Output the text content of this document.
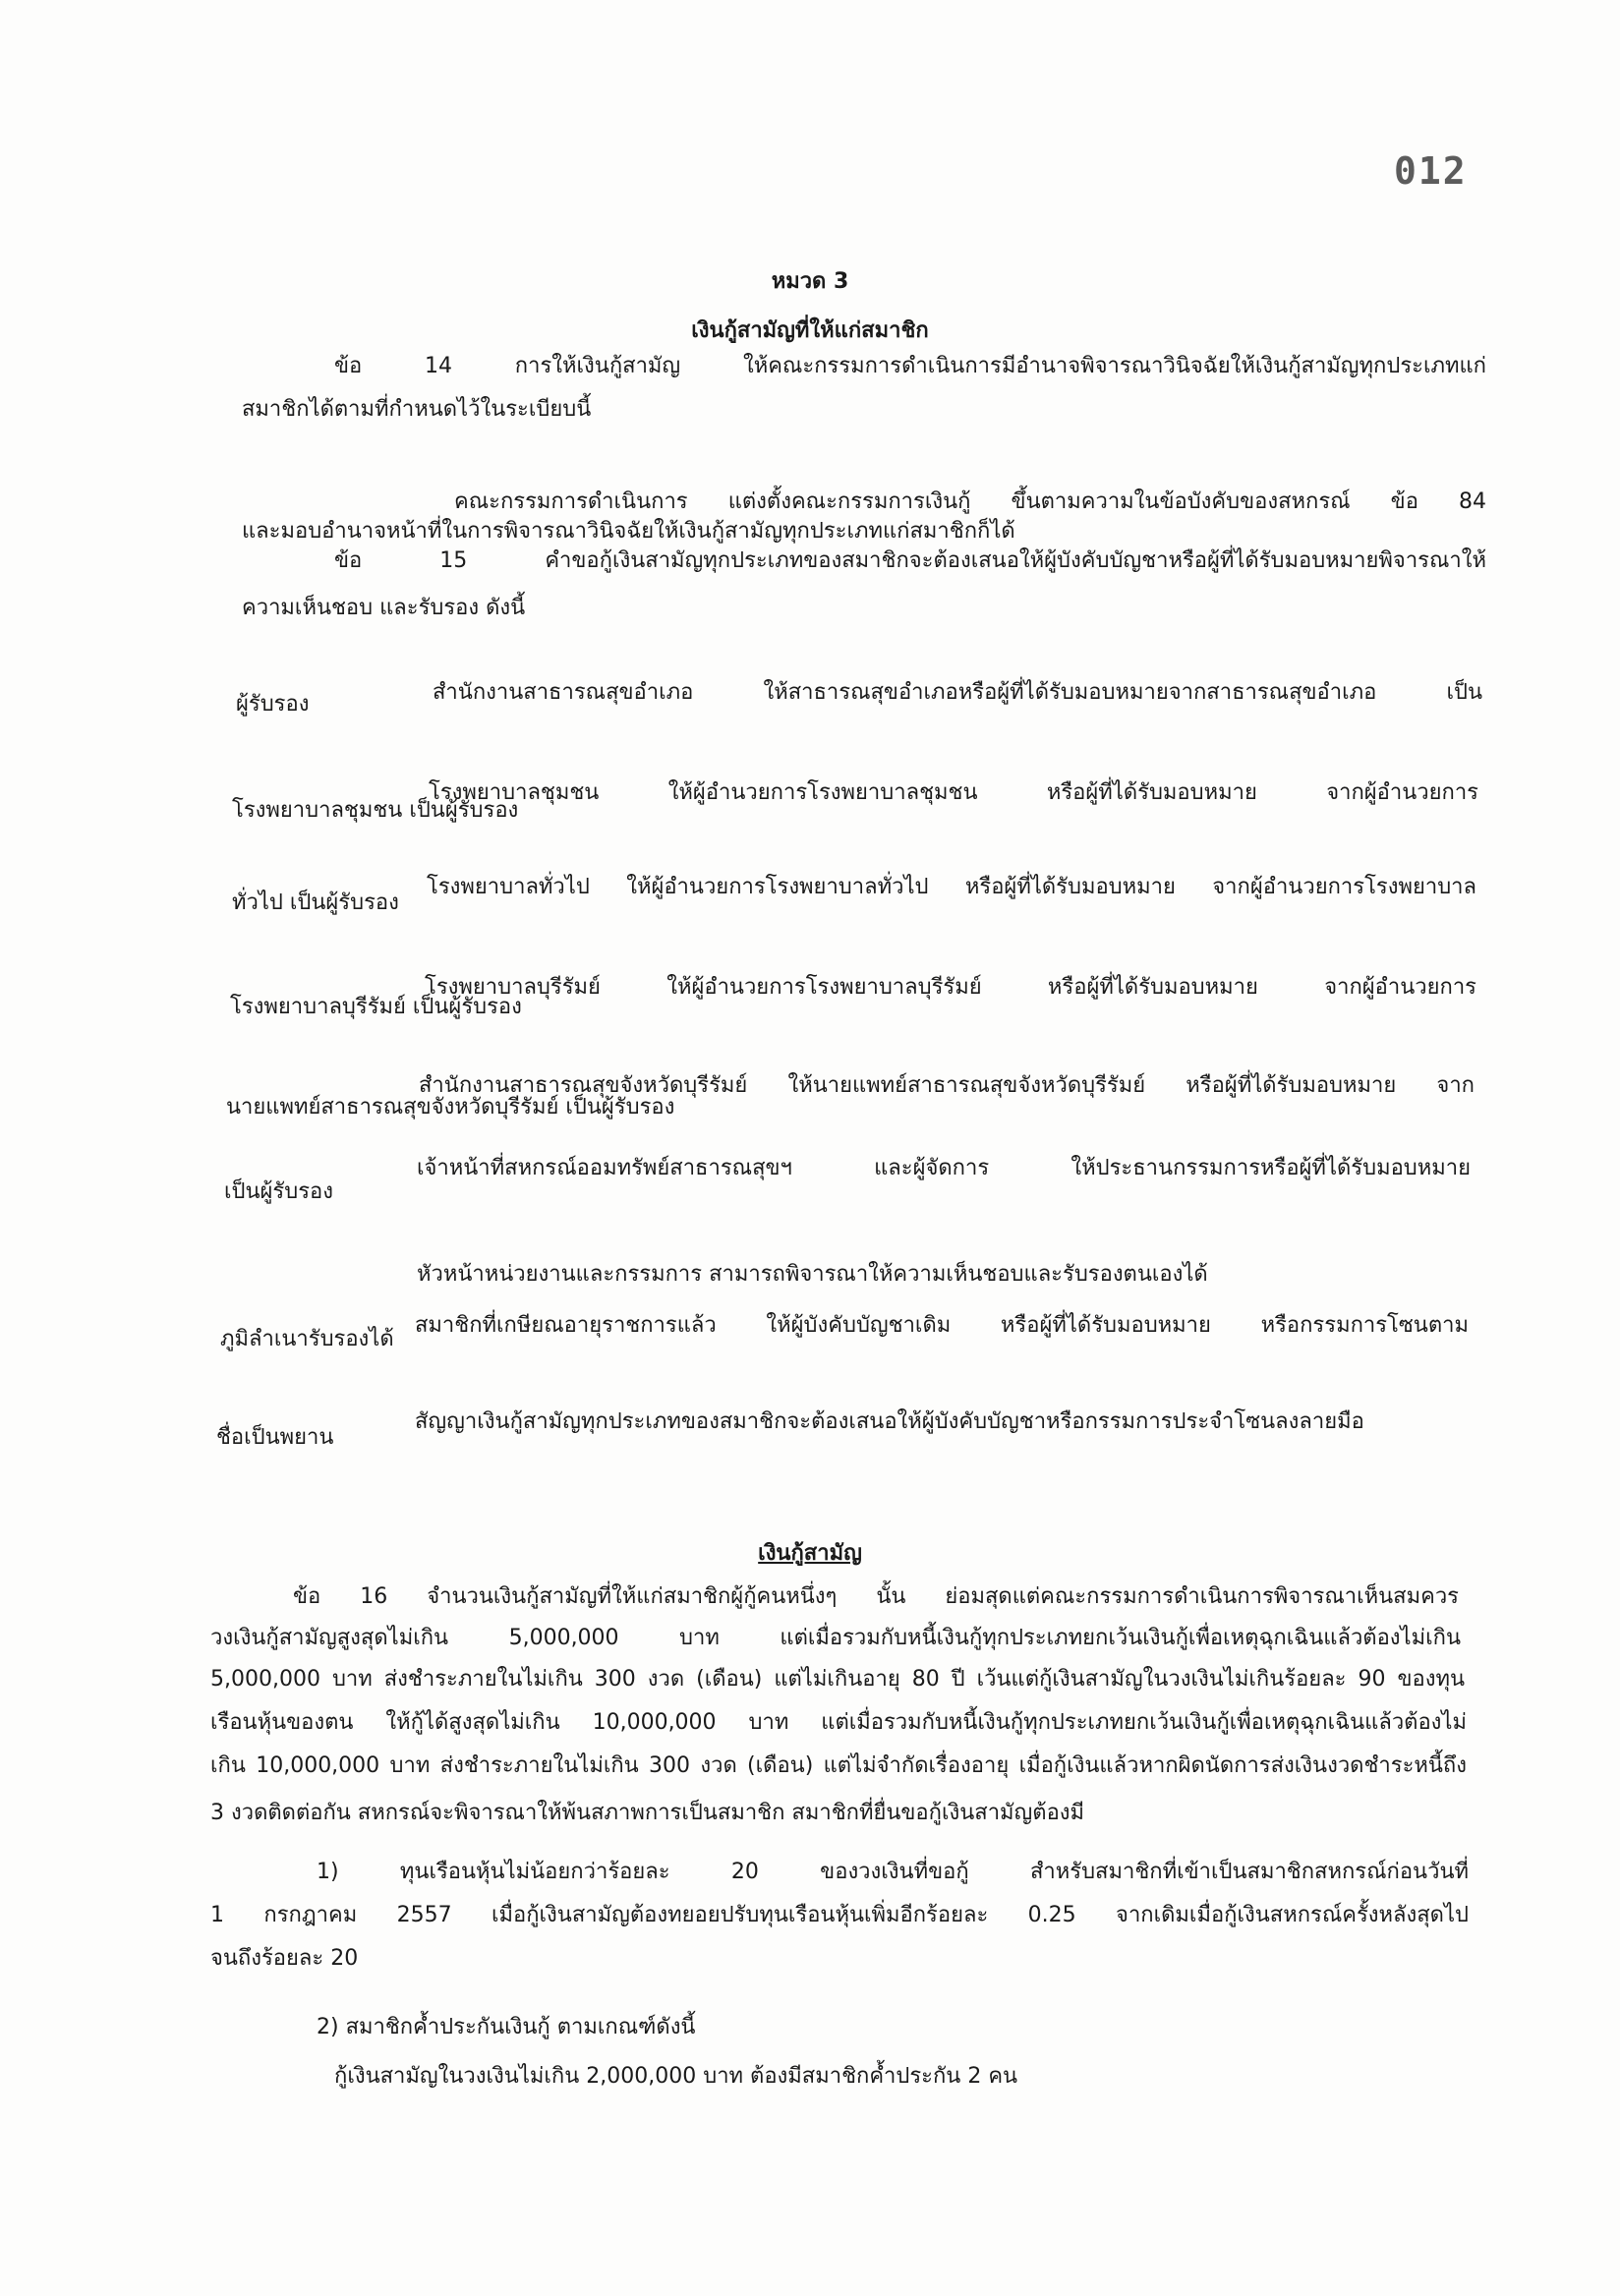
012
หมวด 3
เงินกู้สามัญที่ให้แก่สมาชิก
ข้อ 14 การให้เงินกู้สามัญ ให้คณะกรรมการดำเนินการมีอำนาจพิจารณาวินิจฉัยให้เงินกู้สามัญทุกประเภทแก่
สมาชิกได้ตามที่กำหนดไว้ในระเบียบนี้
คณะกรรมการดำเนินการ แต่งตั้งคณะกรรมการเงินกู้ ขึ้นตามความในข้อบังคับของสหกรณ์ ข้อ 84
และมอบอำนาจหน้าที่ในการพิจารณาวินิจฉัยให้เงินกู้สามัญทุกประเภทแก่สมาชิกก็ได้
ข้อ 15 คำขอกู้เงินสามัญทุกประเภทของสมาชิกจะต้องเสนอให้ผู้บังคับบัญชาหรือผู้ที่ได้รับมอบหมายพิจารณาให้
ความเห็นชอบ และรับรอง ดังนี้
สำนักงานสาธารณสุขอำเภอ ให้สาธารณสุขอำเภอหรือผู้ที่ได้รับมอบหมายจากสาธารณสุขอำเภอ เป็น
ผู้รับรอง
โรงพยาบาลชุมชน ให้ผู้อำนวยการโรงพยาบาลชุมชน หรือผู้ที่ได้รับมอบหมาย จากผู้อำนวยการ
โรงพยาบาลชุมชน เป็นผู้รับรอง
โรงพยาบาลทั่วไป ให้ผู้อำนวยการโรงพยาบาลทั่วไป หรือผู้ที่ได้รับมอบหมาย จากผู้อำนวยการโรงพยาบาล
ทั่วไป เป็นผู้รับรอง
โรงพยาบาลบุรีรัมย์ ให้ผู้อำนวยการโรงพยาบาลบุรีรัมย์ หรือผู้ที่ได้รับมอบหมาย จากผู้อำนวยการ
โรงพยาบาลบุรีรัมย์ เป็นผู้รับรอง
สำนักงานสาธารณสุขจังหวัดบุรีรัมย์ ให้นายแพทย์สาธารณสุขจังหวัดบุรีรัมย์ หรือผู้ที่ได้รับมอบหมาย จาก
นายแพทย์สาธารณสุขจังหวัดบุรีรัมย์ เป็นผู้รับรอง
เจ้าหน้าที่สหกรณ์ออมทรัพย์สาธารณสุขฯ และผู้จัดการ ให้ประธานกรรมการหรือผู้ที่ได้รับมอบหมาย
เป็นผู้รับรอง
หัวหน้าหน่วยงานและกรรมการ สามารถพิจารณาให้ความเห็นชอบและรับรองตนเองได้
สมาชิกที่เกษียณอายุราชการแล้ว ให้ผู้บังคับบัญชาเดิม หรือผู้ที่ได้รับมอบหมาย หรือกรรมการโซนตาม
ภูมิลำเนารับรองได้
สัญญาเงินกู้สามัญทุกประเภทของสมาชิกจะต้องเสนอให้ผู้บังคับบัญชาหรือกรรมการประจำโซนลงลายมือ
ชื่อเป็นพยาน
เงินกู้สามัญ
ข้อ 16 จำนวนเงินกู้สามัญที่ให้แก่สมาชิกผู้กู้คนหนึ่งๆ นั้น ย่อมสุดแต่คณะกรรมการดำเนินการพิจารณาเห็นสมควร
วงเงินกู้สามัญสูงสุดไม่เกิน 5,000,000 บาท แต่เมื่อรวมกับหนี้เงินกู้ทุกประเภทยกเว้นเงินกู้เพื่อเหตุฉุกเฉินแล้วต้องไม่เกิน
5,000,000 บาท ส่งชำระภายในไม่เกิน 300 งวด (เดือน) แต่ไม่เกินอายุ 80 ปี เว้นแต่กู้เงินสามัญในวงเงินไม่เกินร้อยละ 90 ของทุน
เรือนหุ้นของตน ให้กู้ได้สูงสุดไม่เกิน 10,000,000 บาท แต่เมื่อรวมกับหนี้เงินกู้ทุกประเภทยกเว้นเงินกู้เพื่อเหตุฉุกเฉินแล้วต้องไม่
เกิน 10,000,000 บาท ส่งชำระภายในไม่เกิน 300 งวด (เดือน) แต่ไม่จำกัดเรื่องอายุ เมื่อกู้เงินแล้วหากผิดนัดการส่งเงินงวดชำระหนี้ถึง
3 งวดติดต่อกัน สหกรณ์จะพิจารณาให้พ้นสภาพการเป็นสมาชิก สมาชิกที่ยื่นขอกู้เงินสามัญต้องมี
1) ทุนเรือนหุ้นไม่น้อยกว่าร้อยละ 20 ของวงเงินที่ขอกู้ สำหรับสมาชิกที่เข้าเป็นสมาชิกสหกรณ์ก่อนวันที่
1 กรกฎาคม 2557 เมื่อกู้เงินสามัญต้องทยอยปรับทุนเรือนหุ้นเพิ่มอีกร้อยละ 0.25 จากเดิมเมื่อกู้เงินสหกรณ์ครั้งหลังสุดไป
จนถึงร้อยละ 20
2) สมาชิกค้ำประกันเงินกู้ ตามเกณฑ์ดังนี้
กู้เงินสามัญในวงเงินไม่เกิน 2,000,000 บาท ต้องมีสมาชิกค้ำประกัน 2 คน
